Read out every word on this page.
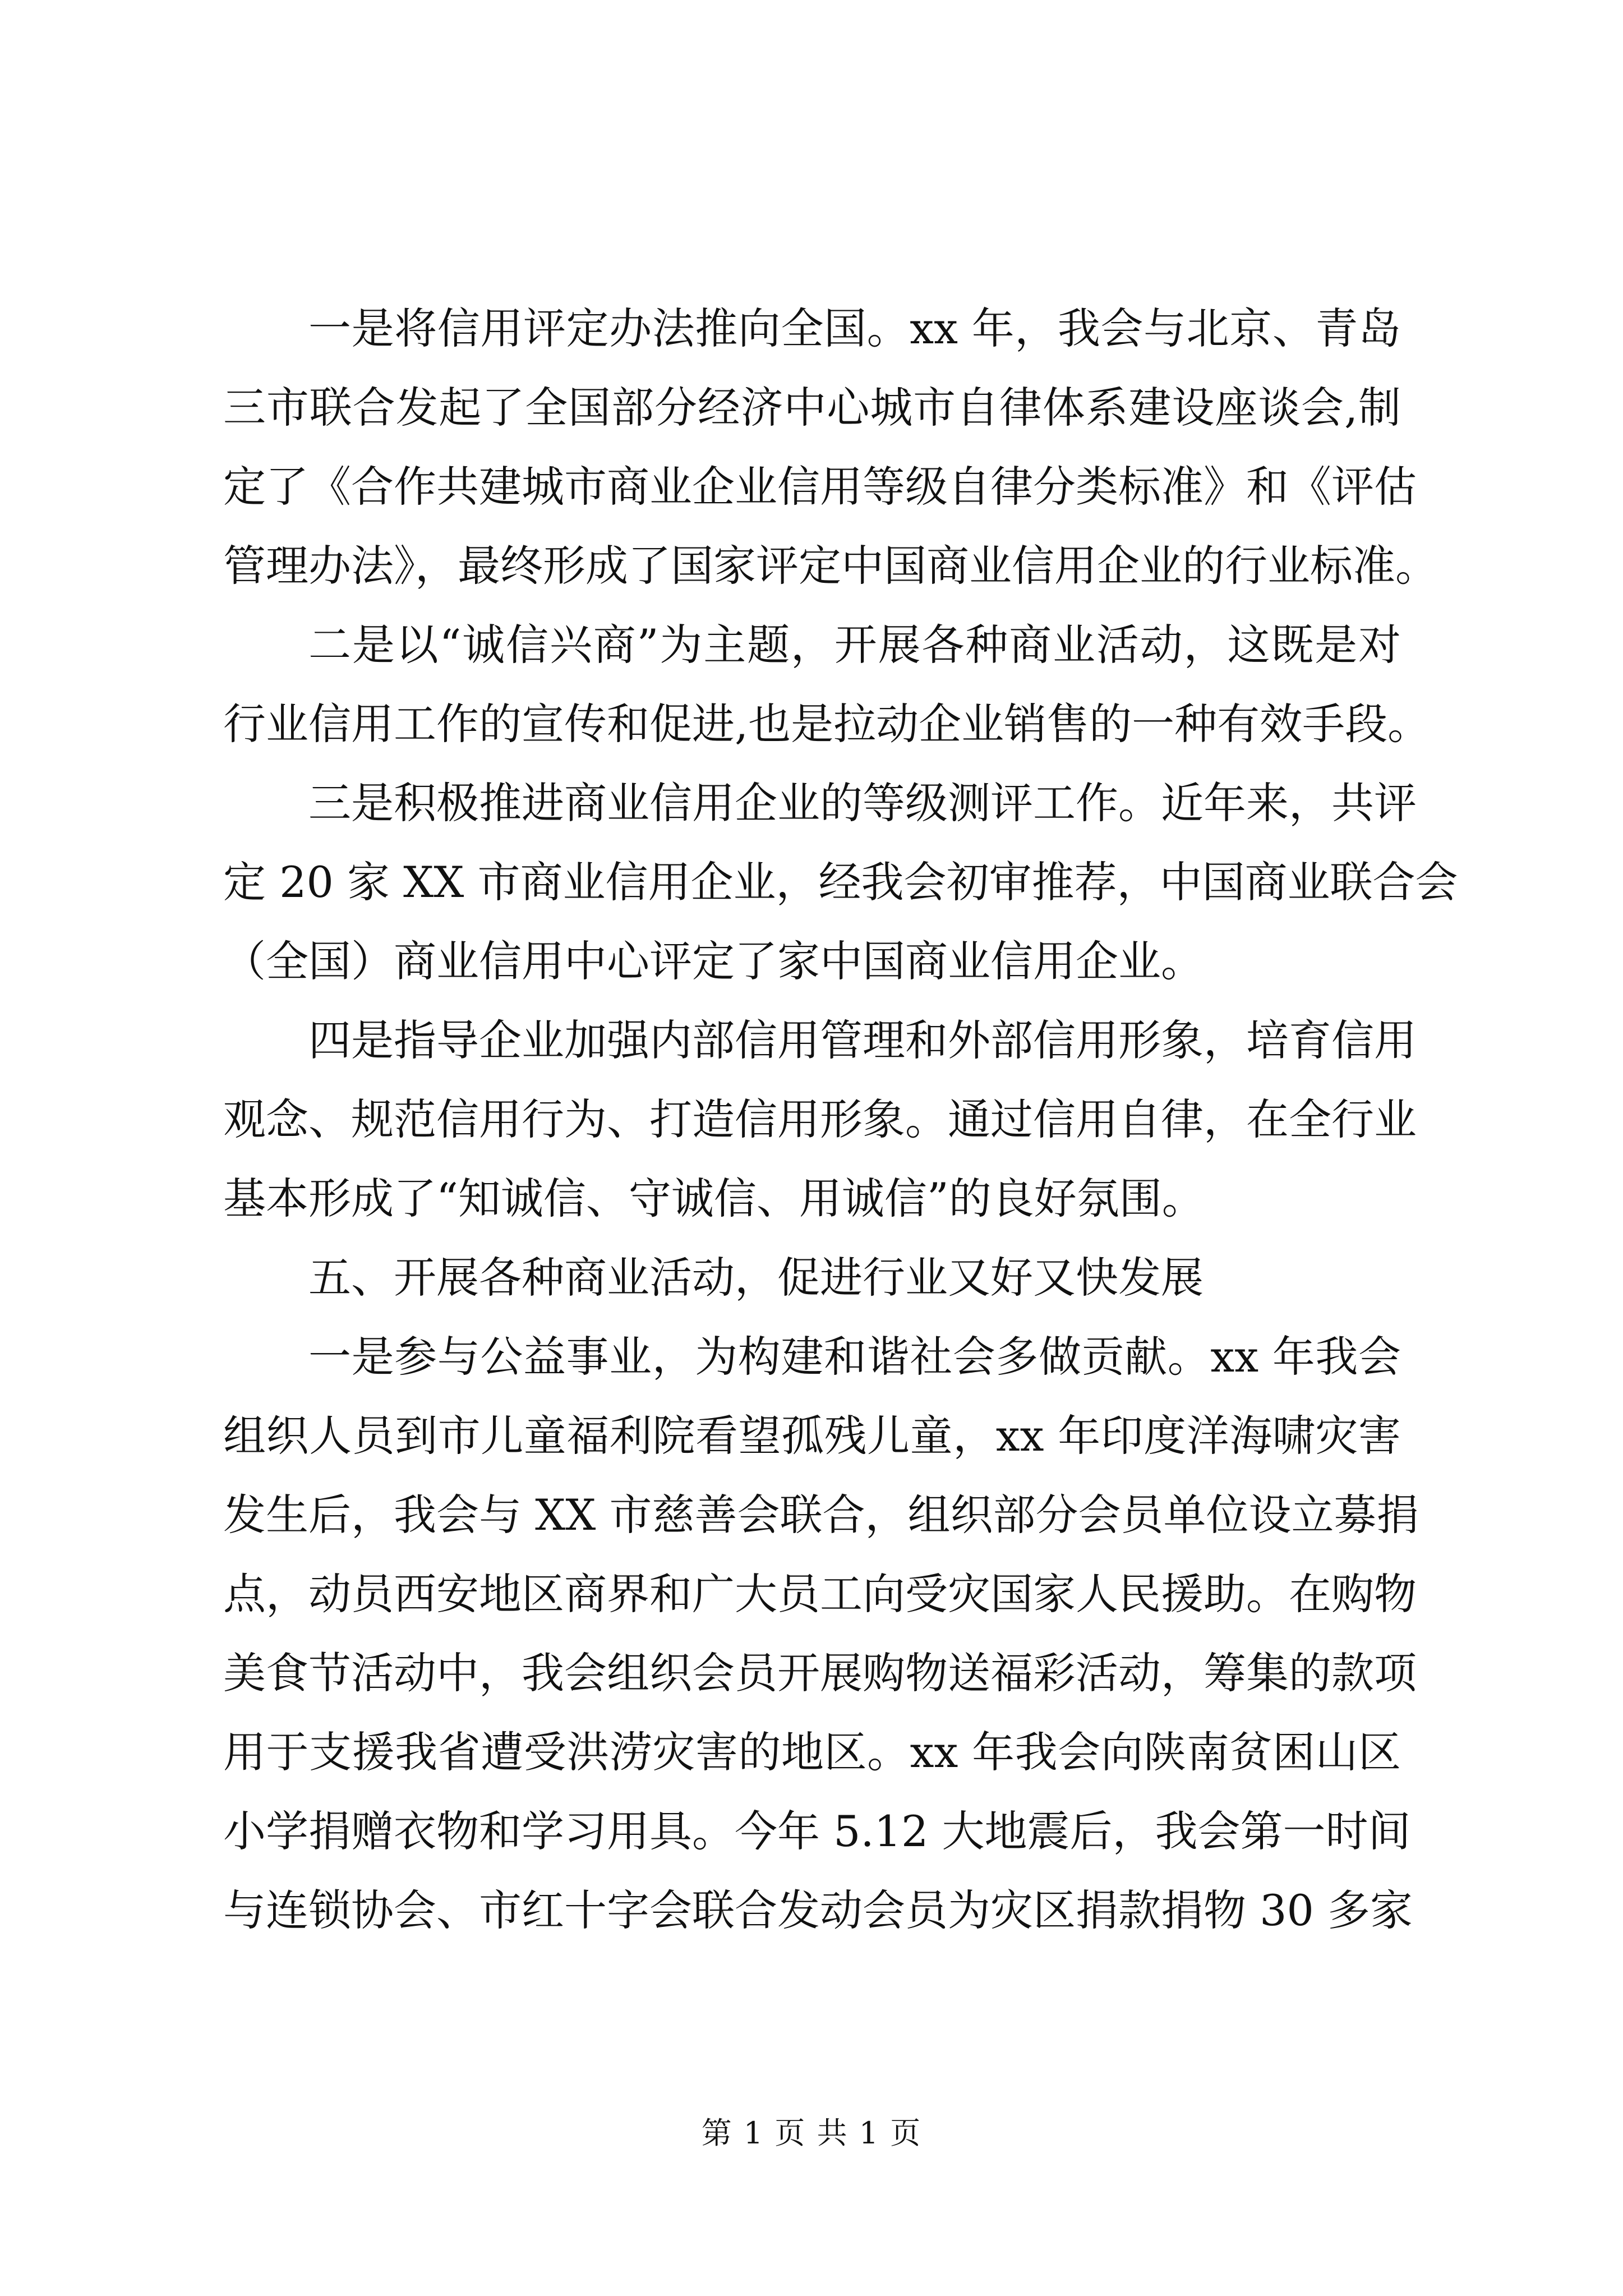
一是将信用评定办法推向全国。xx 年，我会与北京、青岛
三市联合发起了全国部分经济中心城市自律体系建设座谈会,制
定了《合作共建城市商业企业信用等级自律分类标准》和《评估
管理办法》，最终形成了国家评定中国商业信用企业的行业标准。
二是以“诚信兴商”为主题，开展各种商业活动，这既是对
行业信用工作的宣传和促进,也是拉动企业销售的一种有效手段。
三是积极推进商业信用企业的等级测评工作。近年来，共评
定 20 家 XX 市商业信用企业，经我会初审推荐，中国商业联合会
（全国）商业信用中心评定了家中国商业信用企业。
四是指导企业加强内部信用管理和外部信用形象，培育信用
观念、规范信用行为、打造信用形象。通过信用自律，在全行业
基本形成了“知诚信、守诚信、用诚信”的良好氛围。
五、开展各种商业活动，促进行业又好又快发展
一是参与公益事业，为构建和谐社会多做贡献。xx 年我会
组织人员到市儿童福利院看望孤残儿童，xx 年印度洋海啸灾害
发生后，我会与 XX 市慈善会联合，组织部分会员单位设立募捐
点，动员西安地区商界和广大员工向受灾国家人民援助。在购物
美食节活动中，我会组织会员开展购物送福彩活动，筹集的款项
用于支援我省遭受洪涝灾害的地区。xx 年我会向陕南贫困山区
小学捐赠衣物和学习用具。今年 5.12 大地震后，我会第一时间
与连锁协会、市红十字会联合发动会员为灾区捐款捐物 30 多家
第 1 页 共 1 页
